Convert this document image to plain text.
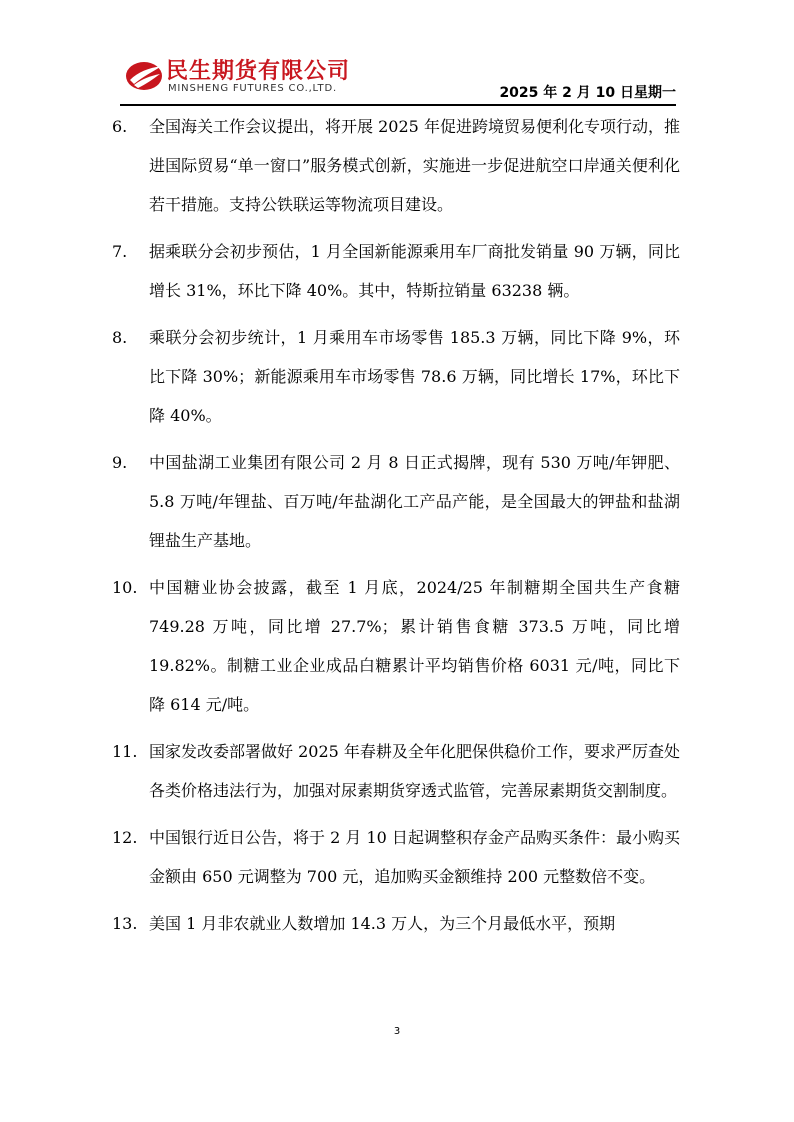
民生期货有限公司
MINSHENG FUTURES CO.,LTD.	2025 年 2 月 10 日星期一
6.	全国海关工作会议提出，将开展 2025 年促进跨境贸易便利化专项行动，推进国际贸易“单一窗口”服务模式创新，实施进一步促进航空口岸通关便利化若干措施。支持公铁联运等物流项目建设。
7.	据乘联分会初步预估，1 月全国新能源乘用车厂商批发销量 90 万辆，同比增长 31%，环比下降 40%。其中，特斯拉销量 63238 辆。
8.	乘联分会初步统计，1 月乘用车市场零售 185.3 万辆，同比下降 9%，环比下降 30%；新能源乘用车市场零售 78.6 万辆，同比增长 17%，环比下降 40%。
9.	中国盐湖工业集团有限公司 2 月 8 日正式揭牌，现有 530 万吨/年钾肥、5.8 万吨/年锂盐、百万吨/年盐湖化工产品产能，是全国最大的钾盐和盐湖锂盐生产基地。
10. 中国糖业协会披露，截至 1 月底，2024/25 年制糖期全国共生产食糖 749.28 万吨，同比增 27.7%；累计销售食糖 373.5 万吨，同比增 19.82%。制糖工业企业成品白糖累计平均销售价格 6031 元/吨，同比下降 614 元/吨。
11. 国家发改委部署做好 2025 年春耕及全年化肥保供稳价工作，要求严厉查处各类价格违法行为，加强对尿素期货穿透式监管，完善尿素期货交割制度。
12. 中国银行近日公告，将于 2 月 10 日起调整积存金产品购买条件：最小购买金额由 650 元调整为 700 元，追加购买金额维持 200 元整数倍不变。
13. 美国 1 月非农就业人数增加 14.3 万人，为三个月最低水平，预期
3
